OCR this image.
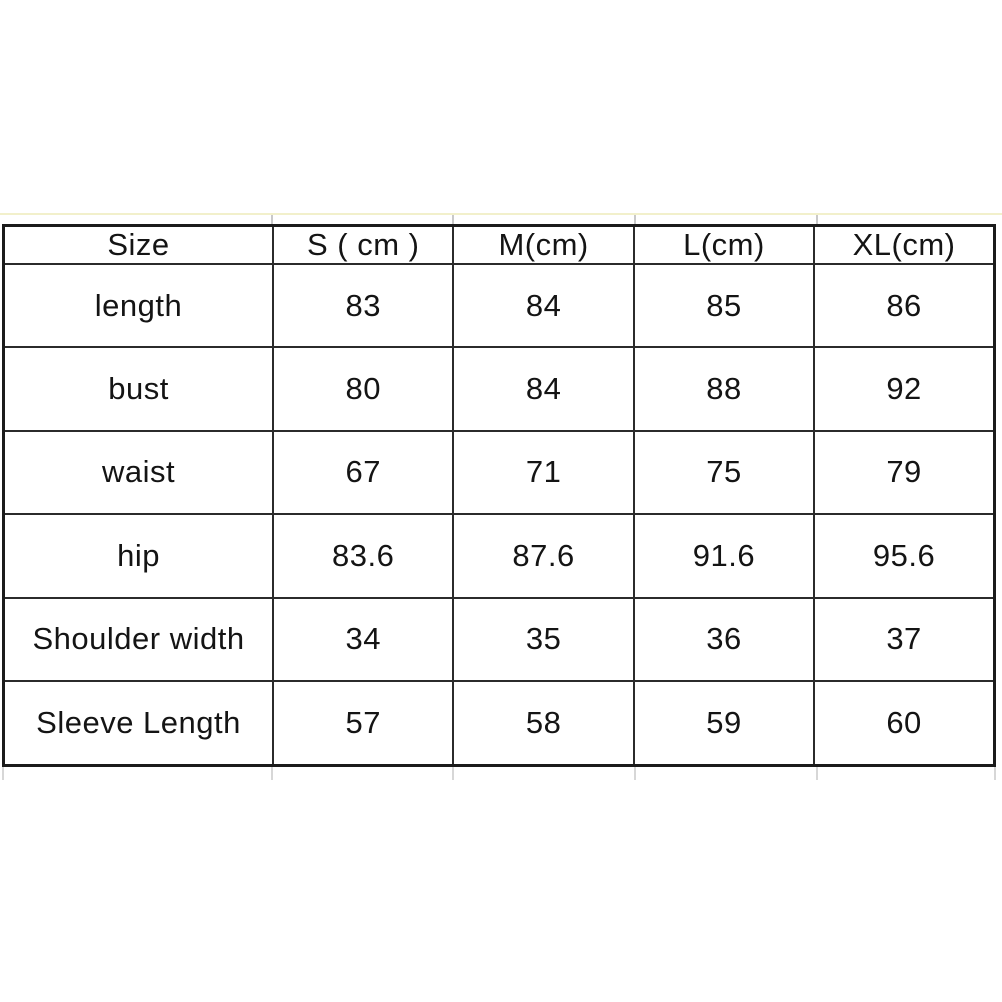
Size	S ( cm )	M(cm)	L(cm)	XL(cm)
length	83	84	85	86
bust	80	84	88	92
waist	67	71	75	79
hip	83.6	87.6	91.6	95.6
Shoulder width	34	35	36	37
Sleeve Length	57	58	59	60
